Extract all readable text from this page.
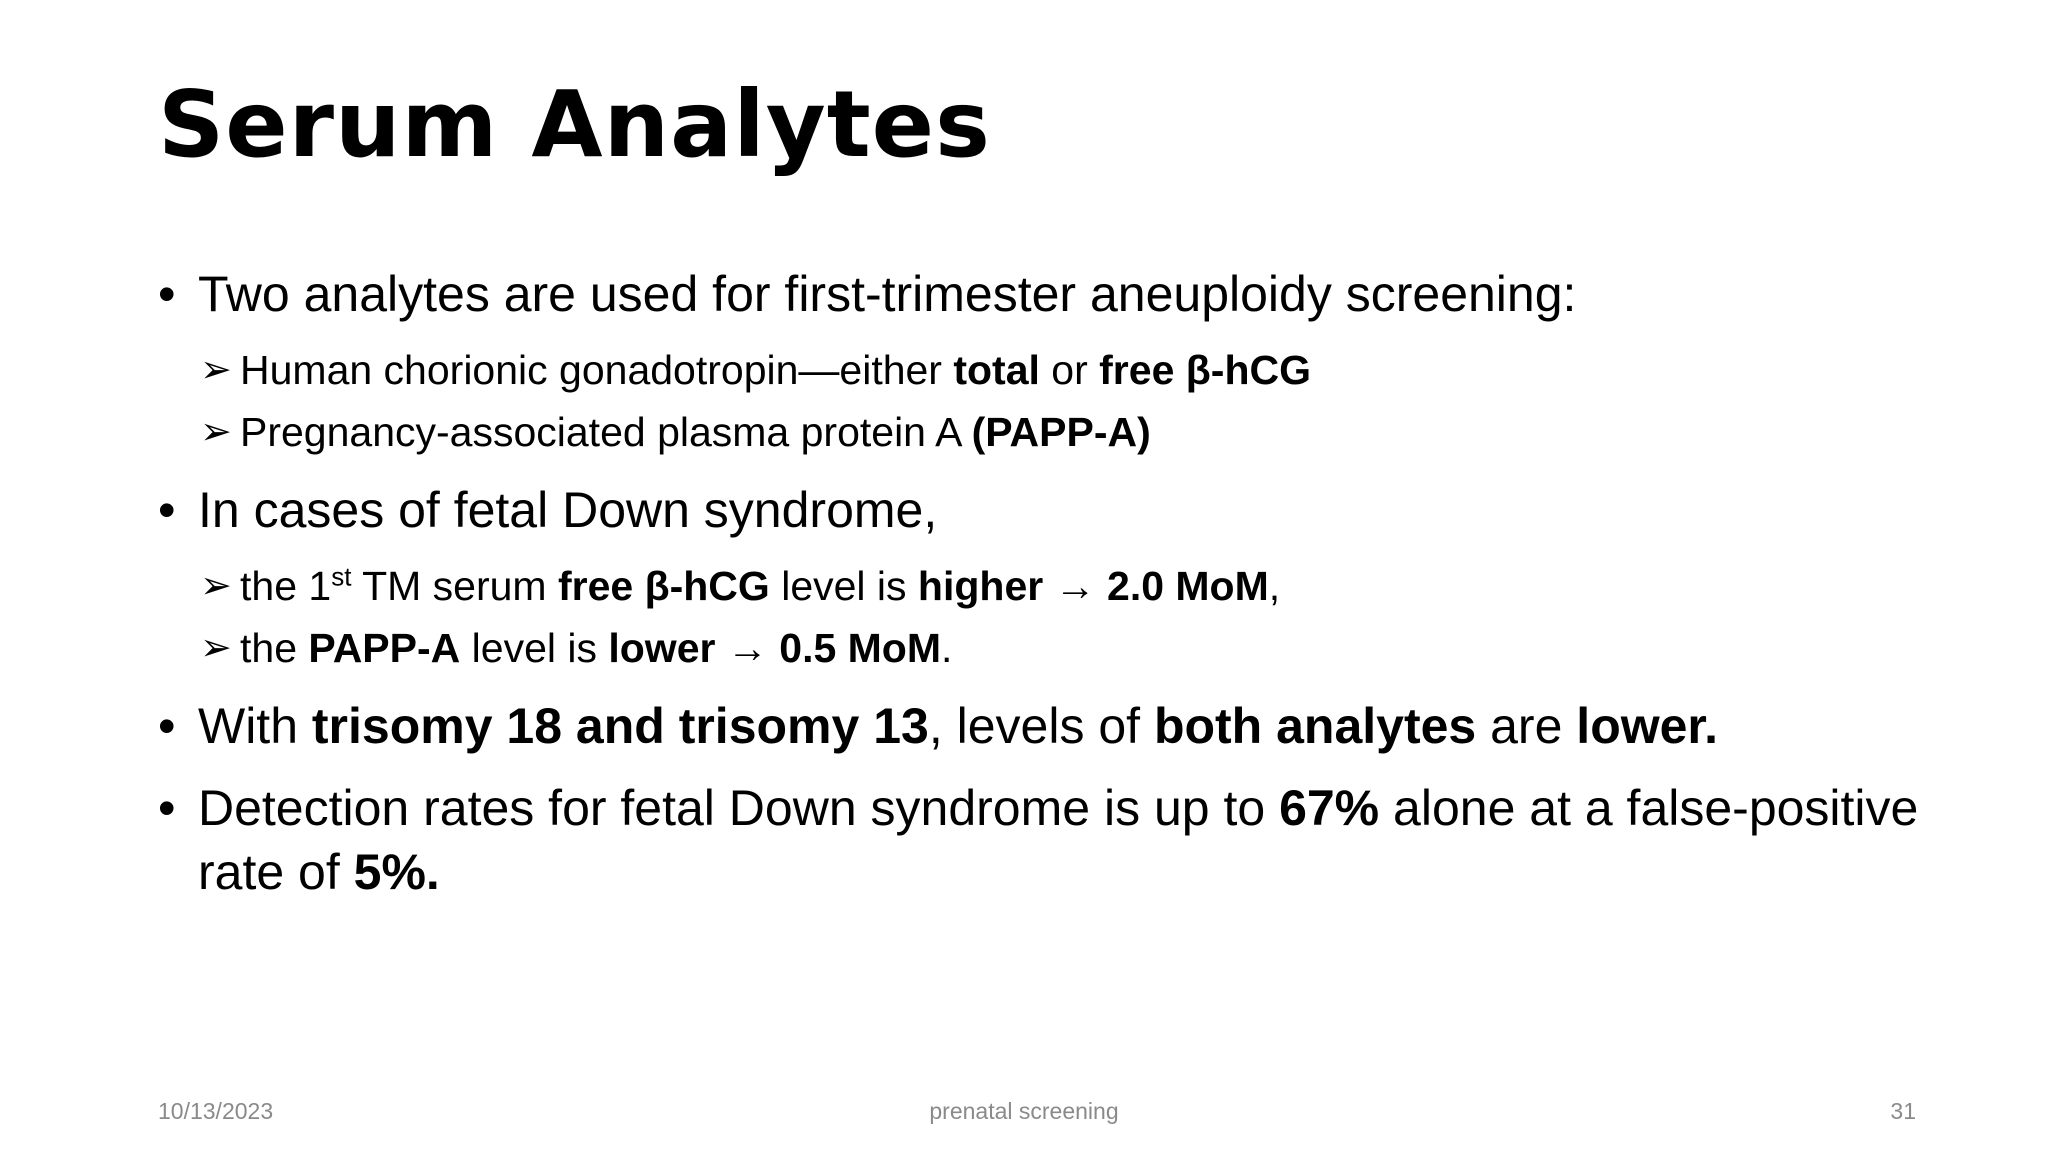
Serum Analytes
• Two analytes are used for first-trimester aneuploidy screening:
➢ Human chorionic gonadotropin—either total or free β-hCG
➢ Pregnancy-associated plasma protein A (PAPP-A)
• In cases of fetal Down syndrome,
➢ the 1st TM serum free β-hCG level is higher → 2.0 MoM,
➢ the PAPP-A level is lower → 0.5 MoM.
• With trisomy 18 and trisomy 13, levels of both analytes are lower.
• Detection rates for fetal Down syndrome is up to 67% alone at a false-positive rate of 5%.
10/13/2023	prenatal screening	31
